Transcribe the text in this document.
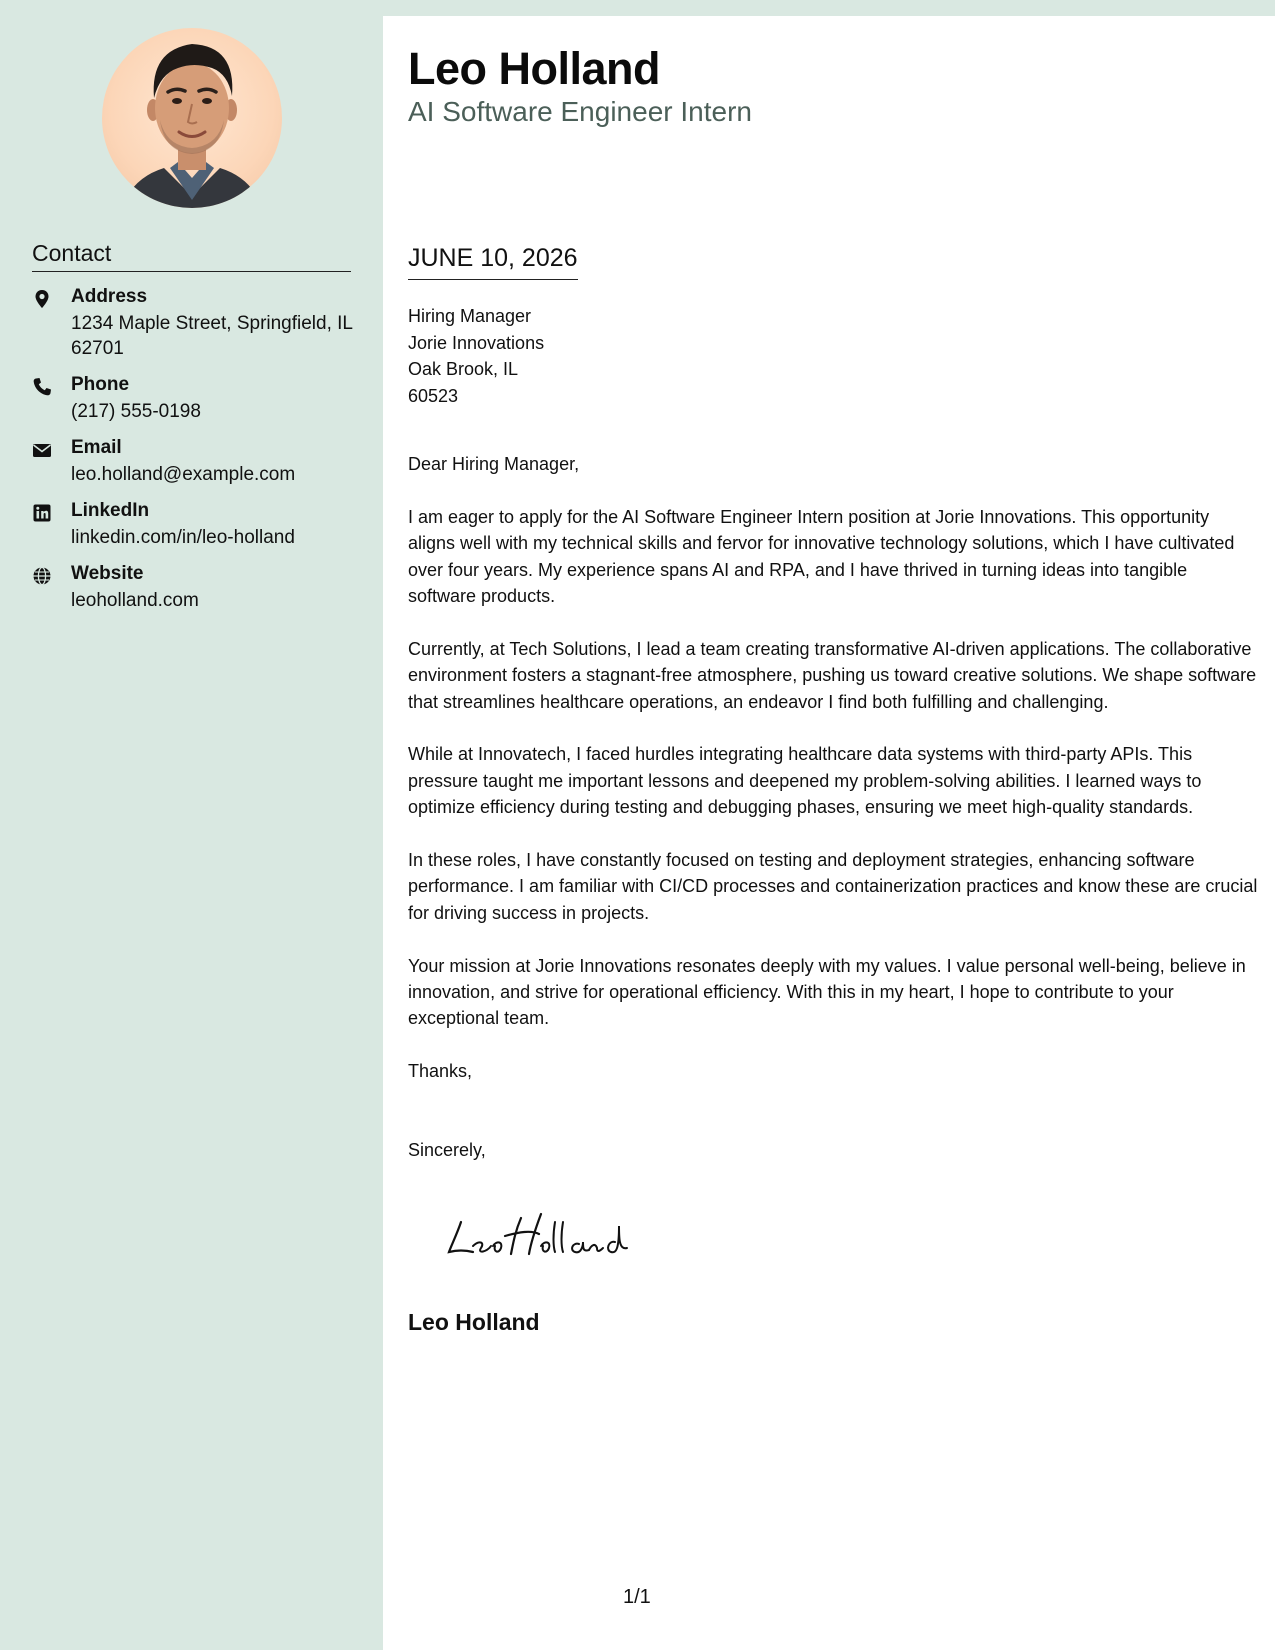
Contact
Address
1234 Maple Street, Springfield, IL 62701
Phone
(217) 555-0198
Email
leo.holland@example.com
LinkedIn
linkedin.com/in/leo-holland
Website
leoholland.com
Leo Holland
AI Software Engineer Intern
JUNE 10, 2026
Hiring Manager
Jorie Innovations
Oak Brook, IL
60523

Dear Hiring Manager,

I am eager to apply for the AI Software Engineer Intern position at Jorie Innovations. This opportunity aligns well with my technical skills and fervor for innovative technology solutions, which I have cultivated over four years. My experience spans AI and RPA, and I have thrived in turning ideas into tangible software products.

Currently, at Tech Solutions, I lead a team creating transformative AI-driven applications. The collaborative environment fosters a stagnant-free atmosphere, pushing us toward creative solutions. We shape software that streamlines healthcare operations, an endeavor I find both fulfilling and challenging.

While at Innovatech, I faced hurdles integrating healthcare data systems with third-party APIs. This pressure taught me important lessons and deepened my problem-solving abilities. I learned ways to optimize efficiency during testing and debugging phases, ensuring we meet high-quality standards.

In these roles, I have constantly focused on testing and deployment strategies, enhancing software performance. I am familiar with CI/CD processes and containerization practices and know these are crucial for driving success in projects.

Your mission at Jorie Innovations resonates deeply with my values. I value personal well-being, believe in innovation, and strive for operational efficiency. With this in my heart, I hope to contribute to your exceptional team.

Thanks,

Sincerely,

Leo Holland
1/1
